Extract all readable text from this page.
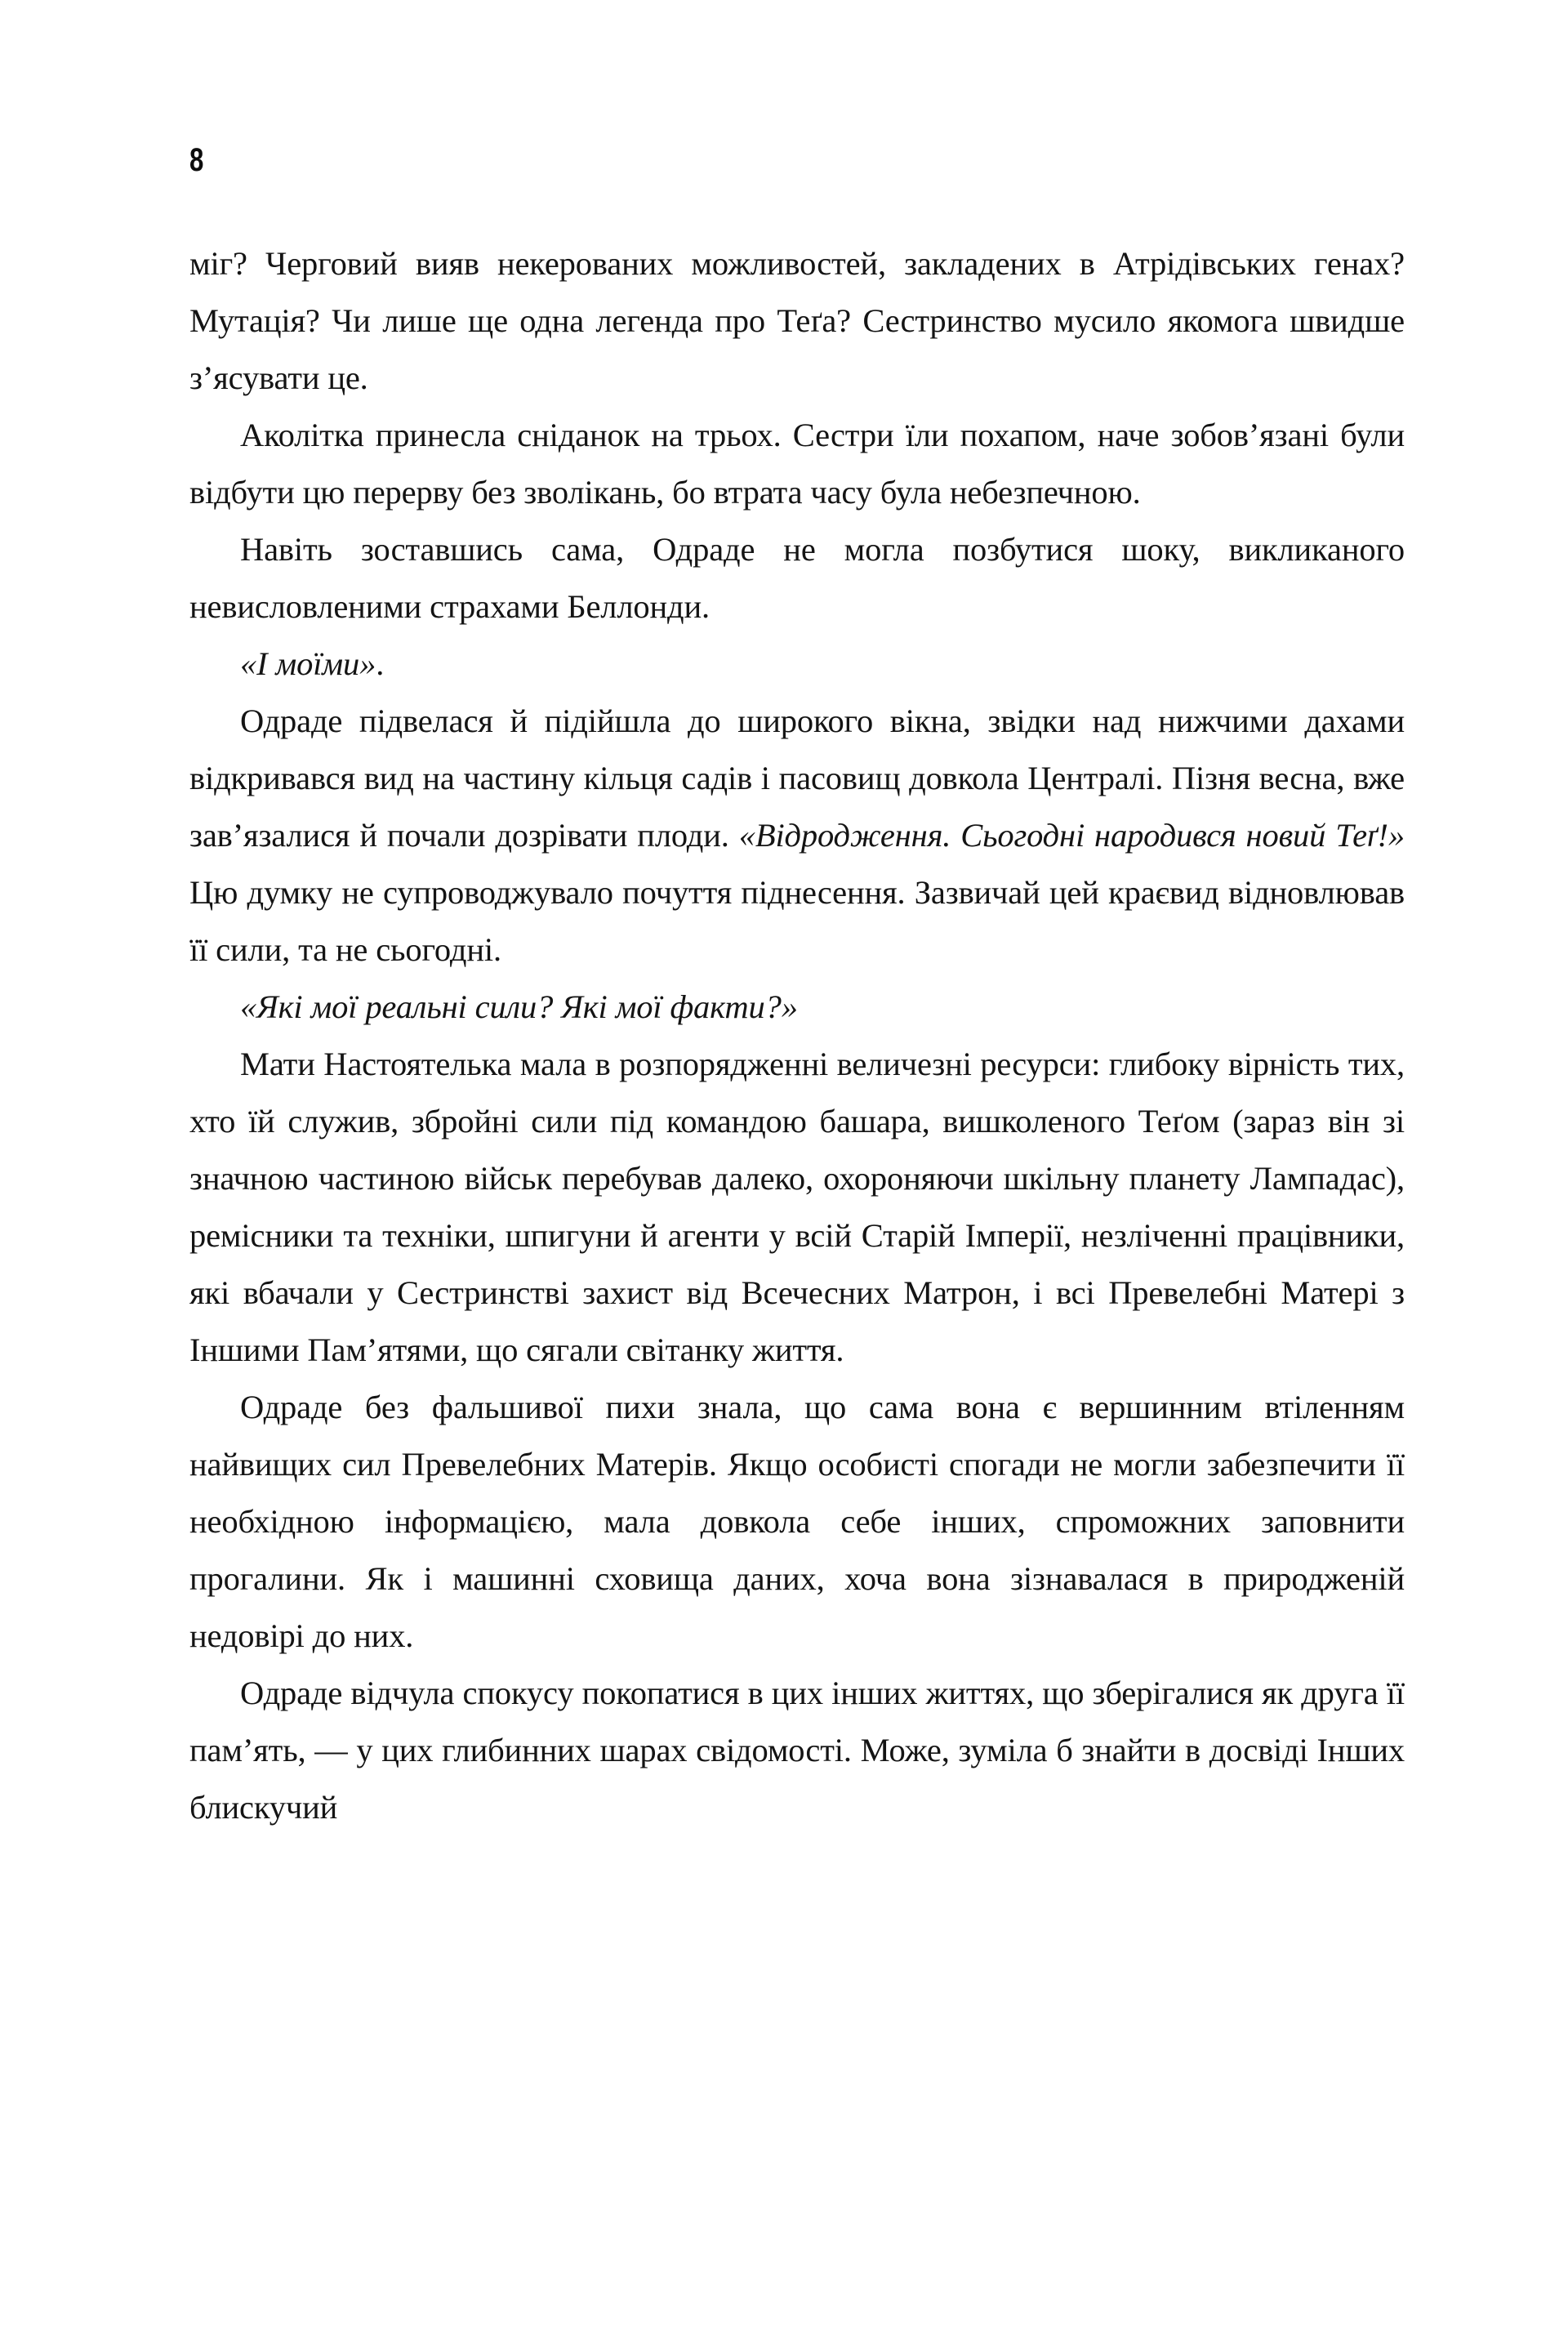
8

міг? Черговий вияв некерованих можливостей, закладених в Атрідівських генах? Мутація? Чи лише ще одна легенда про Теґа? Сестринство мусило якомога швидше з’ясувати це.

Аколітка принесла сніданок на трьох. Сестри їли похапом, наче зобов’язані були відбути цю перерву без зволікань, бо втрата часу була небезпечною.

Навіть зоставшись сама, Одраде не могла позбутися шоку, викликаного невисловленими страхами Беллонди.

«І моїми».

Одраде підвелася й підійшла до широкого вікна, звідки над нижчими дахами відкривався вид на частину кільця садів і пасовищ довкола Централі. Пізня весна, вже зав’язалися й почали дозрівати плоди. «Відродження. Сьогодні народився новий Теґ!» Цю думку не супроводжувало почуття піднесення. Зазвичай цей краєвид відновлював її сили, та не сьогодні.

«Які мої реальні сили? Які мої факти?»

Мати Настоятелька мала в розпорядженні величезні ресурси: глибоку вірність тих, хто їй служив, збройні сили під командою башара, вишколеного Теґом (зараз він зі значною частиною військ перебував далеко, охороняючи шкільну планету Лампадас), ремісники та техніки, шпигуни й агенти у всій Старій Імперії, незліченні працівники, які вбачали у Сестринстві захист від Всечесних Матрон, і всі Превелебні Матері з Іншими Пам’ятями, що сягали світанку життя.

Одраде без фальшивої пихи знала, що сама вона є вершинним втіленням найвищих сил Превелебних Матерів. Якщо особисті спогади не могли забезпечити її необхідною інформацією, мала довкола себе інших, спроможних заповнити прогалини. Як і машинні сховища даних, хоча вона зізнавалася в природженій недовірі до них.

Одраде відчула спокусу покопатися в цих інших життях, що зберігалися як друга її пам’ять, — у цих глибинних шарах свідомості. Може, зуміла б знайти в досвіді Інших блискучий
